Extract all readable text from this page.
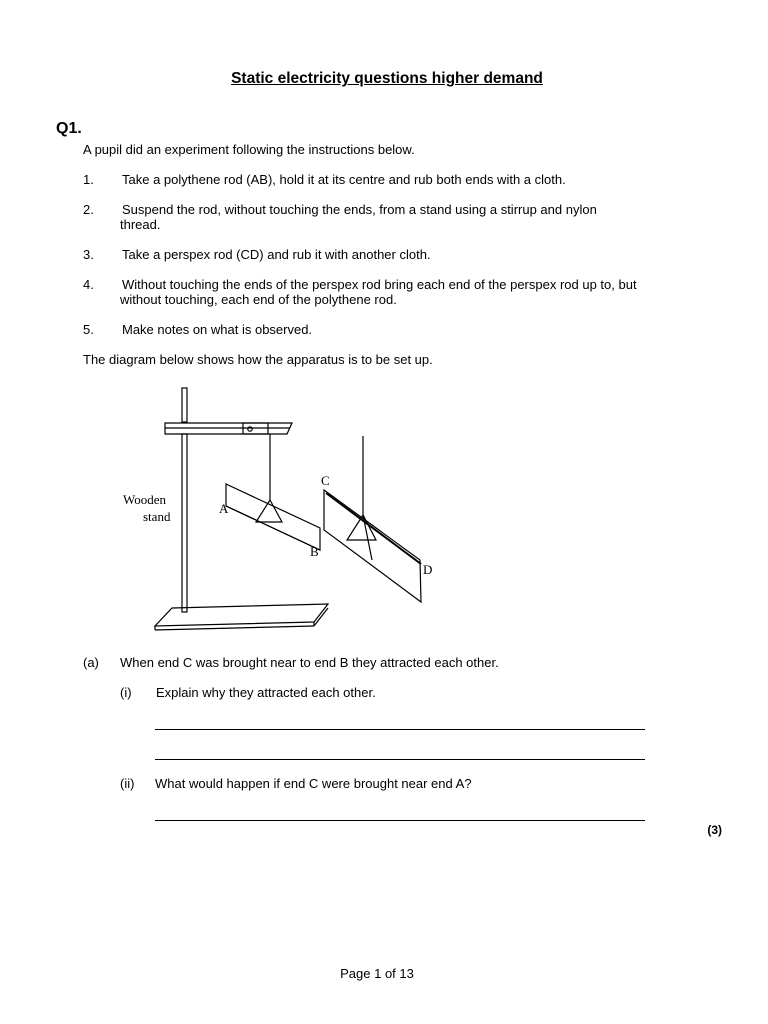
Static electricity questions higher demand
Q1.
A pupil did an experiment following the instructions below.
1. Take a polythene rod (AB), hold it at its centre and rub both ends with a cloth.
2. Suspend the rod, without touching the ends, from a stand using a stirrup and nylon
thread.
3. Take a perspex rod (CD) and rub it with another cloth.
4. Without touching the ends of the perspex rod bring each end of the perspex rod up to, but
without touching, each end of the polythene rod.
5. Make notes on what is observed.
The diagram below shows how the apparatus is to be set up.
Wooden
stand
A
B
C
D
(a) When end C was brought near to end B they attracted each other.
(i) Explain why they attracted each other.
(ii) What would happen if end C were brought near end A?
(3)
Page 1 of 13
